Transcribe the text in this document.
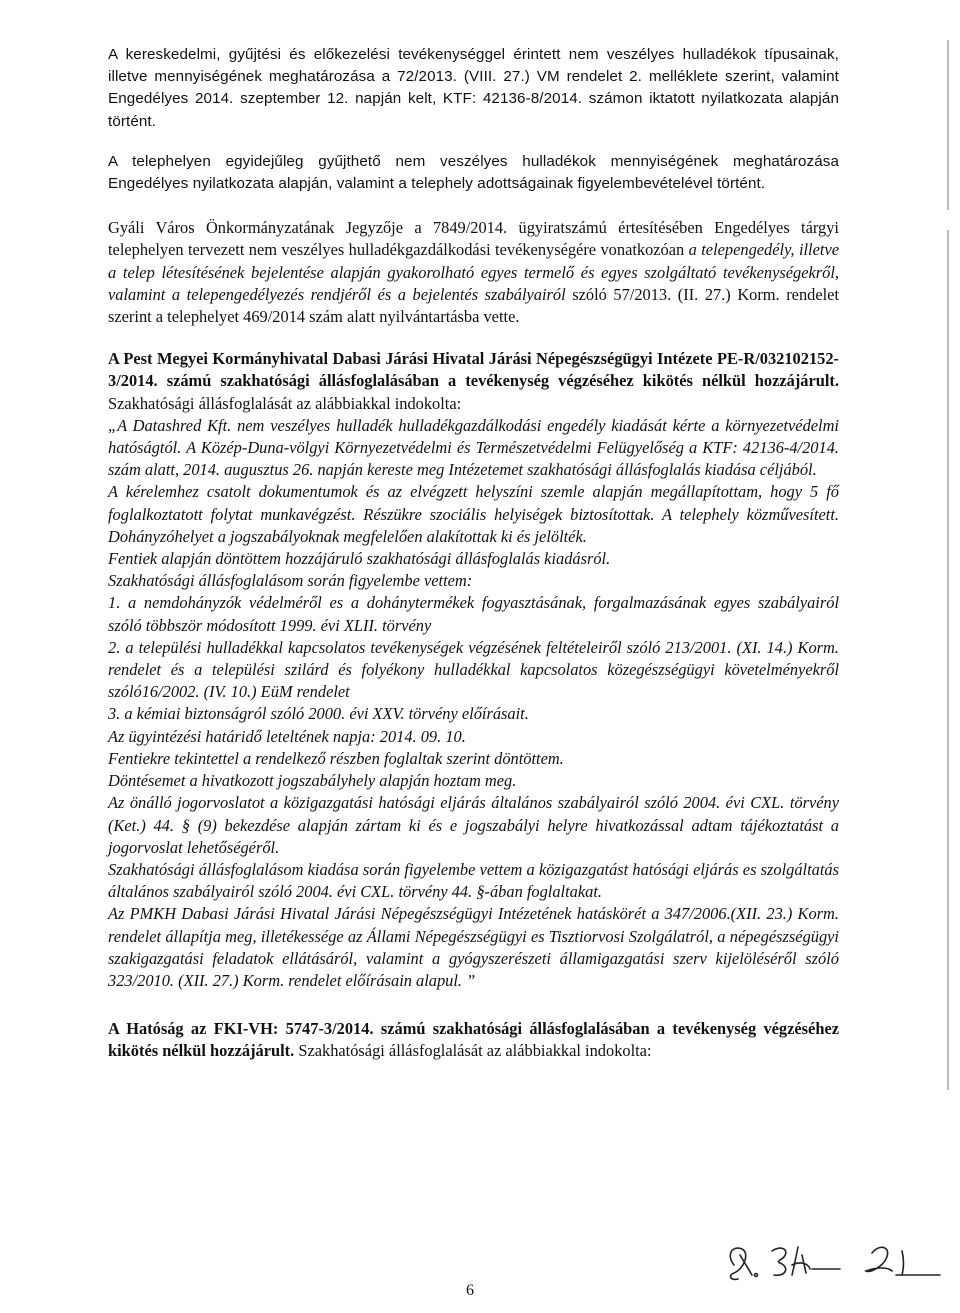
A kereskedelmi, gyűjtési és előkezelési tevékenységgel érintett nem veszélyes hulladékok típusainak, illetve mennyiségének meghatározása a 72/2013. (VIII. 27.) VM rendelet 2. melléklete szerint, valamint Engedélyes 2014. szeptember 12. napján kelt, KTF: 42136-8/2014. számon iktatott nyilatkozata alapján történt.

A telephelyen egyidejűleg gyűjthető nem veszélyes hulladékok mennyiségének meghatározása Engedélyes nyilatkozata alapján, valamint a telephely adottságainak figyelembevételével történt.

Gyáli Város Önkormányzatának Jegyzője a 7849/2014. ügyiratszámú értesítésében Engedélyes tárgyi telephelyen tervezett nem veszélyes hulladékgazdálkodási tevékenységére vonatkozóan a telepengedély, illetve a telep létesítésének bejelentése alapján gyakorolható egyes termelő és egyes szolgáltató tevékenységekről, valamint a telepengedélyezés rendjéről és a bejelentés szabályairól szóló 57/2013. (II. 27.) Korm. rendelet szerint a telephelyet 469/2014 szám alatt nyilvántartásba vette.

A Pest Megyei Kormányhivatal Dabasi Járási Hivatal Járási Népegészségügyi Intézete PE-R/032102152-3/2014. számú szakhatósági állásfoglalásában a tevékenység végzéséhez kikötés nélkül hozzájárult. Szakhatósági állásfoglalását az alábbiakkal indokolta:

„A Datashred Kft. nem veszélyes hulladék hulladékgazdálkodási engedély kiadását kérte a környezetvédelmi hatóságtól. A Közép-Duna-völgyi Környezetvédelmi és Természetvédelmi Felügyelőség a KTF: 42136-4/2014. szám alatt, 2014. augusztus 26. napján kereste meg Intézetemet szakhatósági állásfoglalás kiadása céljából.
A kérelemhez csatolt dokumentumok és az elvégzett helyszíni szemle alapján megállapítottam, hogy 5 fő foglalkoztatott folytat munkavégzést. Részükre szociális helyiségek biztosítottak. A telephely közművesített. Dohányzóhelyet a jogszabályoknak megfelelően alakítottak ki és jelölték.
Fentiek alapján döntöttem hozzájáruló szakhatósági állásfoglalás kiadásról.
Szakhatósági állásfoglalásom során figyelembe vettem:
1. a nemdohányzók védelméről es a dohánytermékek fogyasztásának, forgalmazásának egyes szabályairól szóló többször módosított 1999. évi XLII. törvény
2. a települési hulladékkal kapcsolatos tevékenységek végzésének feltételeiről szóló 213/2001. (XI. 14.) Korm. rendelet és a települési szilárd és folyékony hulladékkal kapcsolatos közegészségügyi követelményekről szóló16/2002. (IV. 10.) EüM rendelet
3. a kémiai biztonságról szóló 2000. évi XXV. törvény előírásait.
Az ügyintézési határidő leteltének napja: 2014. 09. 10.
Fentiekre tekintettel a rendelkező részben foglaltak szerint döntöttem.
Döntésemet a hivatkozott jogszabályhely alapján hoztam meg.
Az önálló jogorvoslatot a közigazgatási hatósági eljárás általános szabályairól szóló 2004. évi CXL. törvény (Ket.) 44. § (9) bekezdése alapján zártam ki és e jogszabályi helyre hivatkozással adtam tájékoztatást a jogorvoslat lehetőségéről.
Szakhatósági állásfoglalásom kiadása során figyelembe vettem a közigazgatást hatósági eljárás es szolgáltatás általános szabályairól szóló 2004. évi CXL. törvény 44. §-ában foglaltakat.
Az PMKH Dabasi Járási Hivatal Járási Népegészségügyi Intézetének hatáskörét a 347/2006.(XII. 23.) Korm. rendelet állapítja meg, illetékessége az Állami Népegészségügyi es Tisztiorvosi Szolgálatról, a népegészségügyi szakigazgatási feladatok ellátásáról, valamint a gyógyszerészeti államigazgatási szerv kijelöléséről szóló 323/2010. (XII. 27.) Korm. rendelet előírásain alapul. ”

A Hatóság az FKI-VH: 5747-3/2014. számú szakhatósági állásfoglalásában a tevékenység végzéséhez kikötés nélkül hozzájárult. Szakhatósági állásfoglalását az alábbiakkal indokolta:

6
